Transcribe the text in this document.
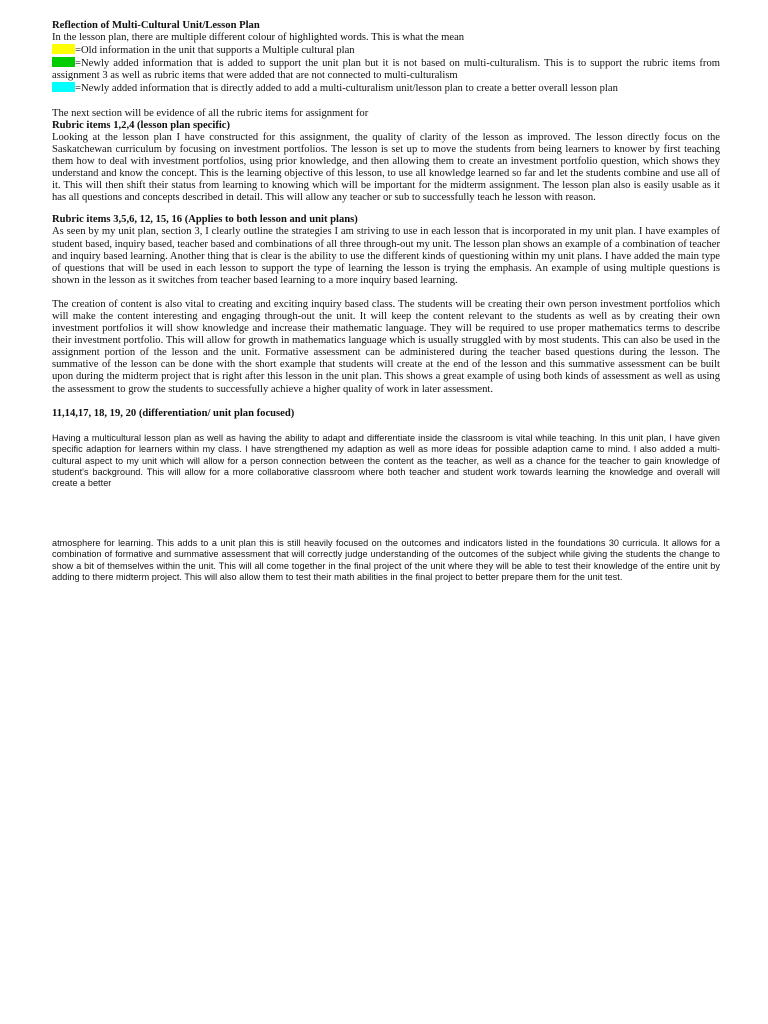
Reflection of Multi-Cultural Unit/Lesson Plan

In the lesson plan, there are multiple different colour of highlighted words. This is what the mean

=Old information in the unit that supports a Multiple cultural plan

=Newly added information that is added to support the unit plan but it is not based on multi-culturalism. This is to support the rubric items from assignment 3 as well as rubric items that were added that are not connected to multi-culturalism

=Newly added information that is directly added to add a multi-culturalism unit/lesson plan to create a better overall lesson plan

The next section will be evidence of all the rubric items for assignment for

Rubric items 1,2,4 (lesson plan specific)

Looking at the lesson plan I have constructed for this assignment, the quality of clarity of the lesson as improved. The lesson directly focus on the Saskatchewan curriculum by focusing on investment portfolios. The lesson is set up to move the students from being learners to knower by first teaching them how to deal with investment portfolios, using prior knowledge, and then allowing them to create an investment portfolio question, which shows they understand and know the concept. This is the learning objective of this lesson, to use all knowledge learned so far and let the students combine and use all of it. This will then shift their status from learning to knowing which will be important for the midterm assignment. The lesson plan also is easily usable as it has all questions and concepts described in detail. This will allow any teacher or sub to successfully teach he lesson with reason.

Rubric items 3,5,6, 12, 15, 16 (Applies to both lesson and unit plans)

As seen by my unit plan, section 3, I clearly outline the strategies I am striving to use in each lesson that is incorporated in my unit plan. I have examples of student based, inquiry based, teacher based and combinations of all three through-out my unit. The lesson plan shows an example of a combination of teacher and inquiry based learning. Another thing that is clear is the ability to use the different kinds of questioning within my unit plans. I have added the main type of questions that will be used in each lesson to support the type of learning the lesson is trying the emphasis. An example of using multiple questions is shown in the lesson as it switches from teacher based learning to a more inquiry based learning.

The creation of content is also vital to creating and exciting inquiry based class. The students will be creating their own person investment portfolios which will make the content interesting and engaging through-out the unit. It will keep the content relevant to the students as well as by creating their own investment portfolios it will show knowledge and increase their mathematic language. They will be required to use proper mathematics terms to describe their investment portfolio. This will allow for growth in mathematics language which is usually struggled with by most students. This can also be used in the assignment portion of the lesson and the unit. Formative assessment can be administered during the teacher based questions during the lesson. The summative of the lesson can be done with the short example that students will create at the end of the lesson and this summative assessment can be built upon during the midterm project that is right after this lesson in the unit plan. This shows a great example of using both kinds of assessment as well as using the assessment to grow the students to successfully achieve a higher quality of work in later assessment.

11,14,17, 18, 19, 20 (differentiation/ unit plan focused)

Having a multicultural lesson plan as well as having the ability to adapt and differentiate inside the classroom is vital while teaching. In this unit plan, I have given specific adaption for learners within my class. I have strengthened my adaption as well as more ideas for possible adaption came to mind. I also added a multi-cultural aspect to my unit which will allow for a person connection between the content as the teacher, as well as a chance for the teacher to gain knowledge of student's background. This will allow for a more collaborative classroom where both teacher and student work towards learning the knowledge and overall will create a better

atmosphere for learning. This adds to a unit plan this is still heavily focused on the outcomes and indicators listed in the foundations 30 curricula. It allows for a combination of formative and summative assessment that will correctly judge understanding of the outcomes of the subject while giving the students the change to show a bit of themselves within the unit. This will all come together in the final project of the unit where they will be able to test their knowledge of the entire unit by adding to there midterm project. This will also allow them to test their math abilities in the final project to better prepare them for the unit test.
